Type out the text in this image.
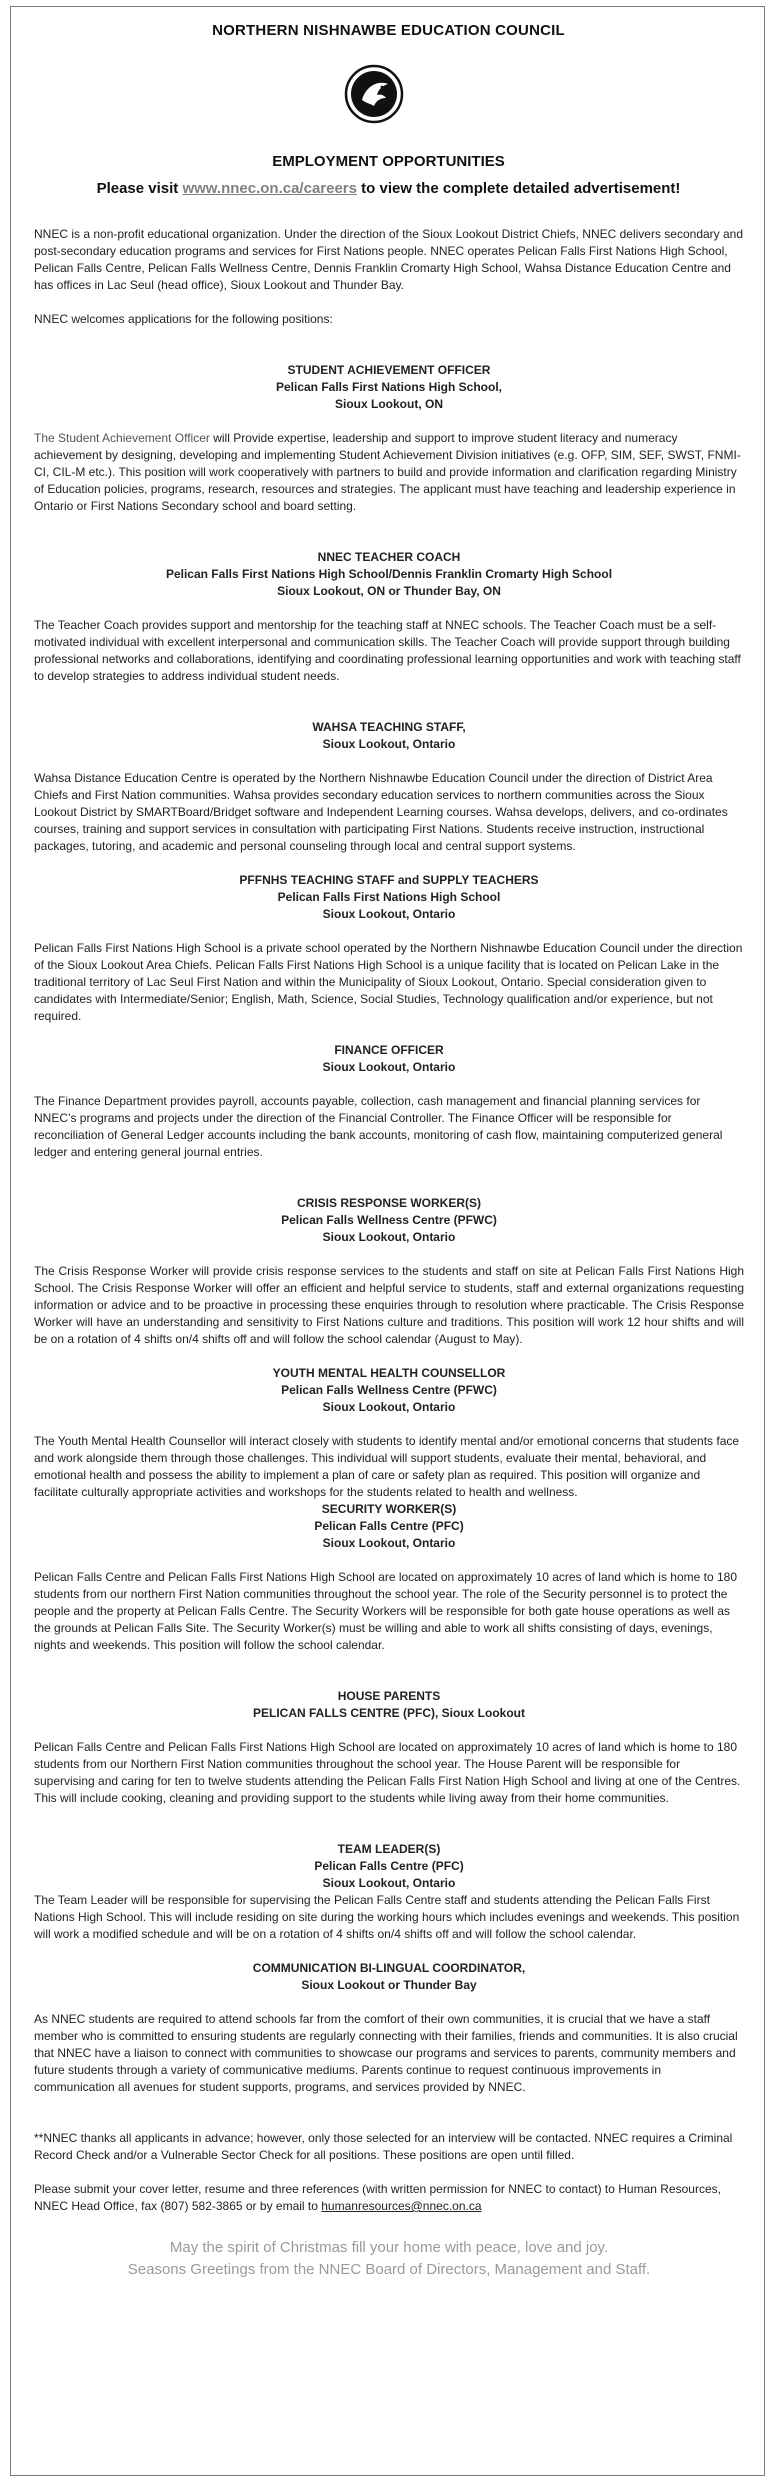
NORTHERN NISHNAWBE EDUCATION COUNCIL
EMPLOYMENT OPPORTUNITIES
Please visit www.nnec.on.ca/careers to view the complete detailed advertisement!

NNEC is a non-profit educational organization. Under the direction of the Sioux Lookout District Chiefs, NNEC delivers secondary and post-secondary education programs and services for First Nations people. NNEC operates Pelican Falls First Nations High School, Pelican Falls Centre, Pelican Falls Wellness Centre, Dennis Franklin Cromarty High School, Wahsa Distance Education Centre and has offices in Lac Seul (head office), Sioux Lookout and Thunder Bay.

NNEC welcomes applications for the following positions:

STUDENT ACHIEVEMENT OFFICER
Pelican Falls First Nations High School,
Sioux Lookout, ON

The Student Achievement Officer will Provide expertise, leadership and support to improve student literacy and numeracy achievement by designing, developing and implementing Student Achievement Division initiatives (e.g. OFP, SIM, SEF, SWST, FNMI-CI, CIL-M etc.). This position will work cooperatively with partners to build and provide information and clarification regarding Ministry of Education policies, programs, research, resources and strategies. The applicant must have teaching and leadership experience in Ontario or First Nations Secondary school and board setting.

NNEC TEACHER COACH
Pelican Falls First Nations High School/Dennis Franklin Cromarty High School
Sioux Lookout, ON or Thunder Bay, ON

The Teacher Coach provides support and mentorship for the teaching staff at NNEC schools. The Teacher Coach must be a self-motivated individual with excellent interpersonal and communication skills. The Teacher Coach will provide support through building professional networks and collaborations, identifying and coordinating professional learning opportunities and work with teaching staff to develop strategies to address individual student needs.

WAHSA TEACHING STAFF,
Sioux Lookout, Ontario

Wahsa Distance Education Centre is operated by the Northern Nishnawbe Education Council under the direction of District Area Chiefs and First Nation communities. Wahsa provides secondary education services to northern communities across the Sioux Lookout District by SMARTBoard/Bridget software and Independent Learning courses. Wahsa develops, delivers, and co-ordinates courses, training and support services in consultation with participating First Nations. Students receive instruction, instructional packages, tutoring, and academic and personal counseling through local and central support systems.

PFFNHS TEACHING STAFF and SUPPLY TEACHERS
Pelican Falls First Nations High School
Sioux Lookout, Ontario

Pelican Falls First Nations High School is a private school operated by the Northern Nishnawbe Education Council under the direction of the Sioux Lookout Area Chiefs. Pelican Falls First Nations High School is a unique facility that is located on Pelican Lake in the traditional territory of Lac Seul First Nation and within the Municipality of Sioux Lookout, Ontario. Special consideration given to candidates with Intermediate/Senior; English, Math, Science, Social Studies, Technology qualification and/or experience, but not required.

FINANCE OFFICER
Sioux Lookout, Ontario

The Finance Department provides payroll, accounts payable, collection, cash management and financial planning services for NNEC’s programs and projects under the direction of the Financial Controller. The Finance Officer will be responsible for reconciliation of General Ledger accounts including the bank accounts, monitoring of cash flow, maintaining computerized general ledger and entering general journal entries.

CRISIS RESPONSE WORKER(S)
Pelican Falls Wellness Centre (PFWC)
Sioux Lookout, Ontario

The Crisis Response Worker will provide crisis response services to the students and staff on site at Pelican Falls First Nations High School. The Crisis Response Worker will offer an efficient and helpful service to students, staff and external organizations requesting information or advice and to be proactive in processing these enquiries through to resolution where practicable. The Crisis Response Worker will have an understanding and sensitivity to First Nations culture and traditions. This position will work 12 hour shifts and will be on a rotation of 4 shifts on/4 shifts off and will follow the school calendar (August to May).

YOUTH MENTAL HEALTH COUNSELLOR
Pelican Falls Wellness Centre (PFWC)
Sioux Lookout, Ontario

The Youth Mental Health Counsellor will interact closely with students to identify mental and/or emotional concerns that students face and work alongside them through those challenges. This individual will support students, evaluate their mental, behavioral, and emotional health and possess the ability to implement a plan of care or safety plan as required. This position will organize and facilitate culturally appropriate activities and workshops for the students related to health and wellness.

SECURITY WORKER(S)
Pelican Falls Centre (PFC)
Sioux Lookout, Ontario

Pelican Falls Centre and Pelican Falls First Nations High School are located on approximately 10 acres of land which is home to 180 students from our northern First Nation communities throughout the school year. The role of the Security personnel is to protect the people and the property at Pelican Falls Centre. The Security Workers will be responsible for both gate house operations as well as the grounds at Pelican Falls Site. The Security Worker(s) must be willing and able to work all shifts consisting of days, evenings, nights and weekends. This position will follow the school calendar.

HOUSE PARENTS
PELICAN FALLS CENTRE (PFC), Sioux Lookout

Pelican Falls Centre and Pelican Falls First Nations High School are located on approximately 10 acres of land which is home to 180 students from our Northern First Nation communities throughout the school year. The House Parent will be responsible for supervising and caring for ten to twelve students attending the Pelican Falls First Nation High School and living at one of the Centres. This will include cooking, cleaning and providing support to the students while living away from their home communities.

TEAM LEADER(S)
Pelican Falls Centre (PFC)
Sioux Lookout, Ontario

The Team Leader will be responsible for supervising the Pelican Falls Centre staff and students attending the Pelican Falls First Nations High School. This will include residing on site during the working hours which includes evenings and weekends. This position will work a modified schedule and will be on a rotation of 4 shifts on/4 shifts off and will follow the school calendar.

COMMUNICATION BI-LINGUAL COORDINATOR,
Sioux Lookout or Thunder Bay

As NNEC students are required to attend schools far from the comfort of their own communities, it is crucial that we have a staff member who is committed to ensuring students are regularly connecting with their families, friends and communities. It is also crucial that NNEC have a liaison to connect with communities to showcase our programs and services to parents, community members and future students through a variety of communicative mediums. Parents continue to request continuous improvements in communication all avenues for student supports, programs, and services provided by NNEC.

**NNEC thanks all applicants in advance; however, only those selected for an interview will be contacted. NNEC requires a Criminal Record Check and/or a Vulnerable Sector Check for all positions. These positions are open until filled.

Please submit your cover letter, resume and three references (with written permission for NNEC to contact) to Human Resources, NNEC Head Office, fax (807) 582-3865 or by email to humanresources@nnec.on.ca

May the spirit of Christmas fill your home with peace, love and joy.

Seasons Greetings from the NNEC Board of Directors, Management and Staff.
